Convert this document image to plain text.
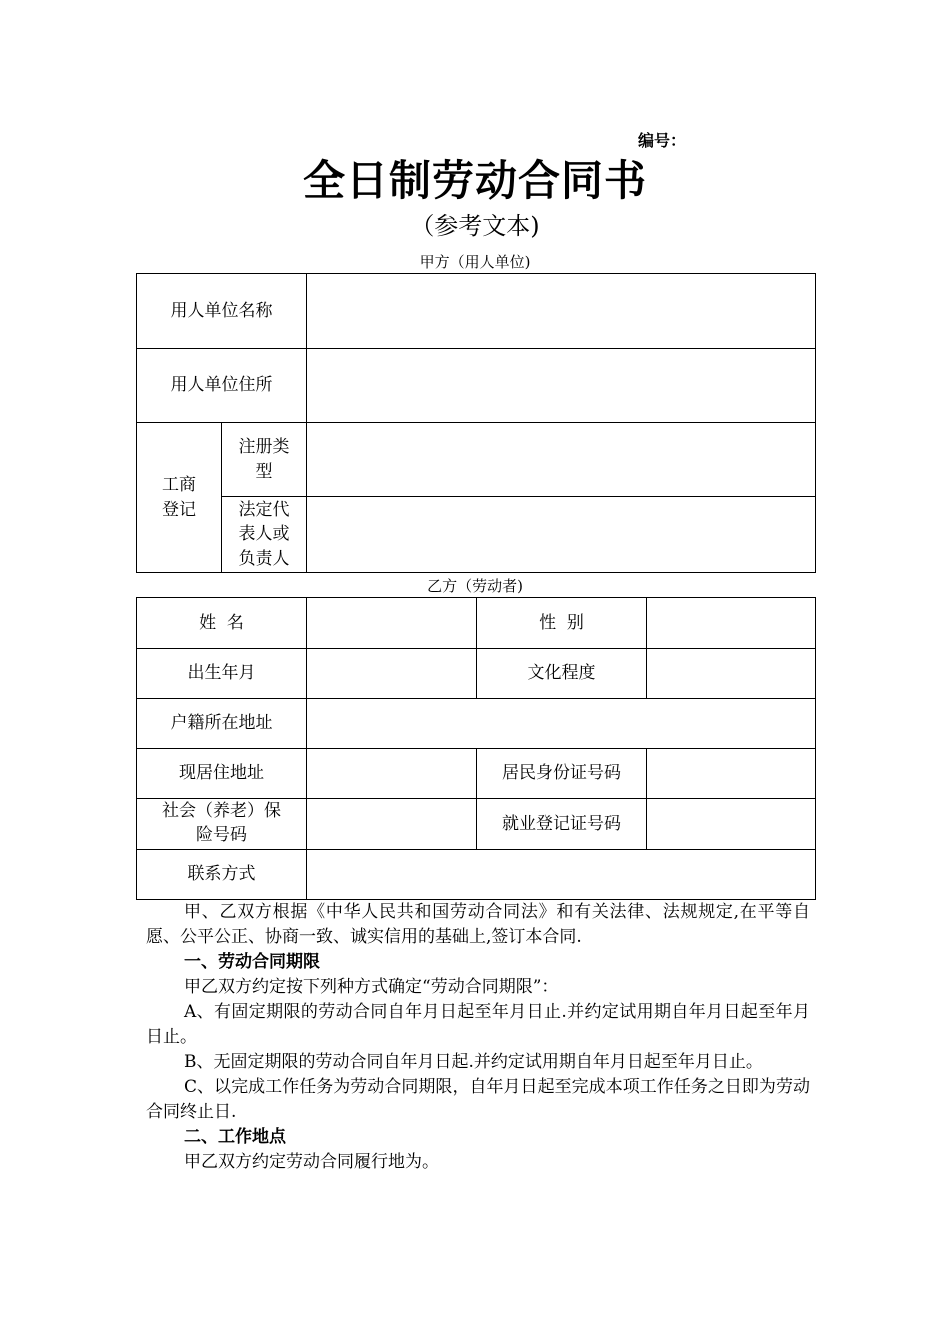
编号：
全日制劳动合同书
（参考文本)
甲方（用人单位)
用人单位名称		
用人单位住所		
工商登记	注册类型	
	法定代表人或负责人	
乙方（劳动者)
姓  名		性  别	
出生年月		文化程度	
户籍所在地址			
现居住地址		居民身份证号码	
社会（养老）保险号码		就业登记证号码	
联系方式			

甲、乙双方根据《中华人民共和国劳动合同法》和有关法律、法规规定,在平等自愿、公平公正、协商一致、诚实信用的基础上,签订本合同.

一、劳动合同期限

甲乙双方约定按下列种方式确定“劳动合同期限”：

A、有固定期限的劳动合同自年月日起至年月日止.并约定试用期自年月日起至年月日止。

B、无固定期限的劳动合同自年月日起.并约定试用期自年月日起至年月日止。

C、以完成工作任务为劳动合同期限，自年月日起至完成本项工作任务之日即为劳动合同终止日.

二、工作地点

甲乙双方约定劳动合同履行地为。
